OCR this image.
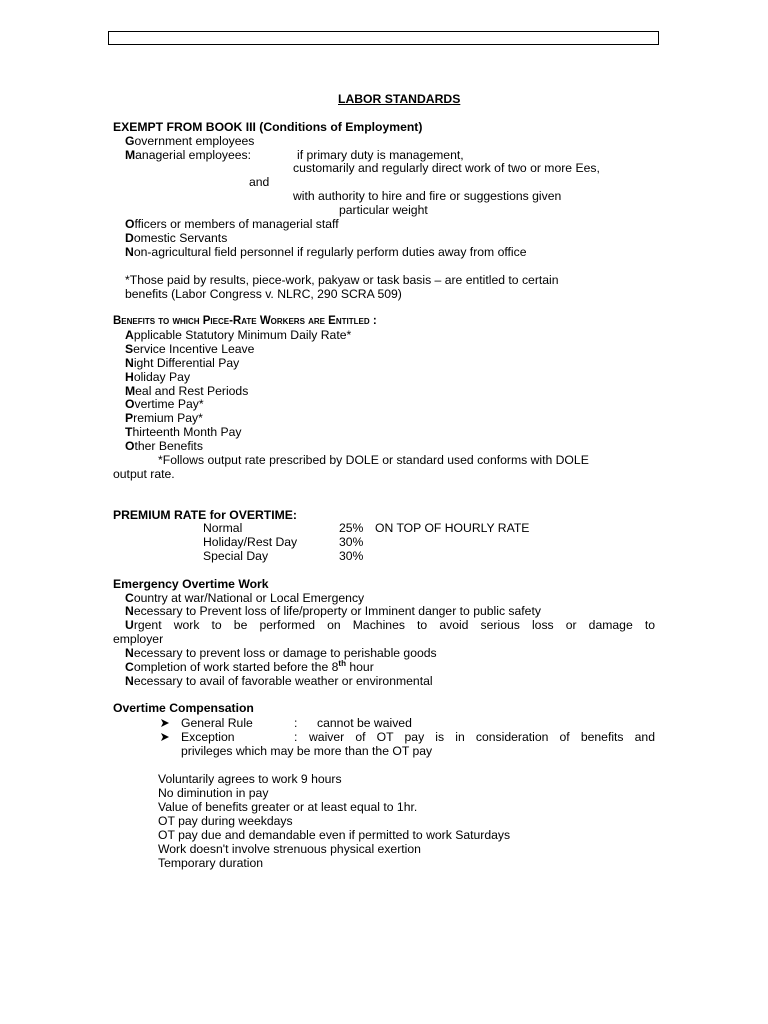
LABOR STANDARDS
EXEMPT FROM BOOK III (Conditions of Employment)
Government employees
Managerial employees:	if primary duty is management,
customarily and regularly direct work of two or more Ees,
and
with authority to hire and fire or suggestions given
particular weight
Officers or members of managerial staff
Domestic Servants
Non-agricultural field personnel if regularly perform duties away from office
*Those paid by results, piece-work, pakyaw or task basis – are entitled to certain
benefits (Labor Congress v. NLRC, 290 SCRA 509)
Benefits to which Piece-Rate Workers are Entitled :
Applicable Statutory Minimum Daily Rate*
Service Incentive Leave
Night Differential Pay
Holiday Pay
Meal and Rest Periods
Overtime Pay*
Premium Pay*
Thirteenth Month Pay
Other Benefits
*Follows output rate prescribed by DOLE or standard used conforms with DOLE
output rate.
PREMIUM RATE for OVERTIME:
Normal	25% ON TOP OF HOURLY RATE
Holiday/Rest Day	30%
Special Day	30%
Emergency Overtime Work
Country at war/National or Local Emergency
Necessary to Prevent loss of life/property or Imminent danger to public safety
Urgent work to be performed on Machines to avoid serious loss or damage to
employer
Necessary to prevent loss or damage to perishable goods
Completion of work started before the 8th hour
Necessary to avail of favorable weather or environmental
Overtime Compensation
General Rule	: cannot be waived
Exception	: waiver of OT pay is in consideration of benefits and
privileges which may be more than the OT pay
Voluntarily agrees to work 9 hours
No diminution in pay
Value of benefits greater or at least equal to 1hr.
OT pay during weekdays
OT pay due and demandable even if permitted to work Saturdays
Work doesn't involve strenuous physical exertion
Temporary duration
